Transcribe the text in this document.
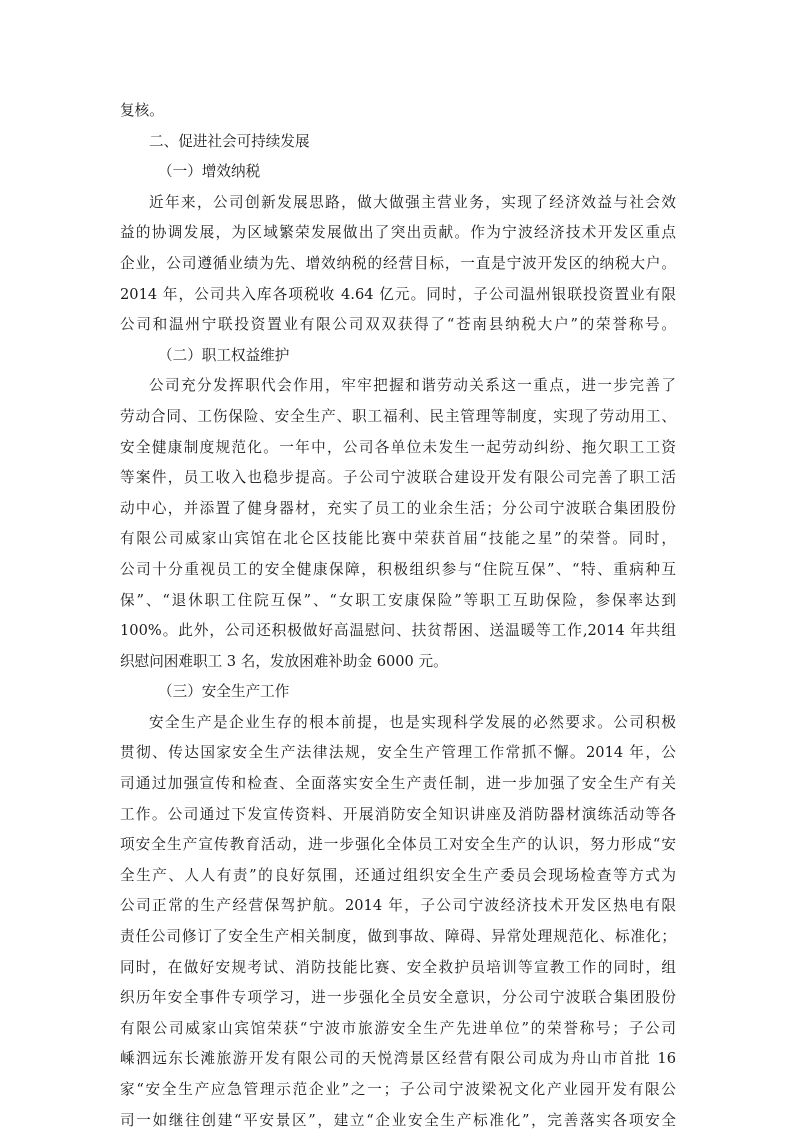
复核。
二、促进社会可持续发展
（一）增效纳税
近年来，公司创新发展思路，做大做强主营业务，实现了经济效益与社会效
益的协调发展，为区域繁荣发展做出了突出贡献。作为宁波经济技术开发区重点
企业，公司遵循业绩为先、增效纳税的经营目标，一直是宁波开发区的纳税大户。
2014 年，公司共入库各项税收 4.64 亿元。同时，子公司温州银联投资置业有限
公司和温州宁联投资置业有限公司双双获得了“苍南县纳税大户”的荣誉称号。
（二）职工权益维护
公司充分发挥职代会作用，牢牢把握和谐劳动关系这一重点，进一步完善了
劳动合同、工伤保险、安全生产、职工福利、民主管理等制度，实现了劳动用工、
安全健康制度规范化。一年中，公司各单位未发生一起劳动纠纷、拖欠职工工资
等案件，员工收入也稳步提高。子公司宁波联合建设开发有限公司完善了职工活
动中心，并添置了健身器材，充实了员工的业余生活；分公司宁波联合集团股份
有限公司威家山宾馆在北仑区技能比赛中荣获首届“技能之星”的荣誉。同时，
公司十分重视员工的安全健康保障，积极组织参与“住院互保”、“特、重病种互
保”、“退休职工住院互保”、“女职工安康保险”等职工互助保险，参保率达到
100%。此外，公司还积极做好高温慰问、扶贫帮困、送温暖等工作,2014 年共组
织慰问困难职工 3 名，发放困难补助金 6000 元。
（三）安全生产工作
安全生产是企业生存的根本前提，也是实现科学发展的必然要求。公司积极
贯彻、传达国家安全生产法律法规，安全生产管理工作常抓不懈。2014 年，公
司通过加强宣传和检查、全面落实安全生产责任制，进一步加强了安全生产有关
工作。公司通过下发宣传资料、开展消防安全知识讲座及消防器材演练活动等各
项安全生产宣传教育活动，进一步强化全体员工对安全生产的认识，努力形成“安
全生产、人人有责”的良好氛围，还通过组织安全生产委员会现场检查等方式为
公司正常的生产经营保驾护航。2014 年，子公司宁波经济技术开发区热电有限
责任公司修订了安全生产相关制度，做到事故、障碍、异常处理规范化、标准化；
同时，在做好安规考试、消防技能比赛、安全救护员培训等宣教工作的同时，组
织历年安全事件专项学习，进一步强化全员安全意识，分公司宁波联合集团股份
有限公司威家山宾馆荣获“宁波市旅游安全生产先进单位”的荣誉称号；子公司
嵊泗远东长滩旅游开发有限公司的天悦湾景区经营有限公司成为舟山市首批 16
家“安全生产应急管理示范企业”之一；子公司宁波梁祝文化产业园开发有限公
司一如继往创建“平安景区”，建立“企业安全生产标准化”，完善落实各项安全
